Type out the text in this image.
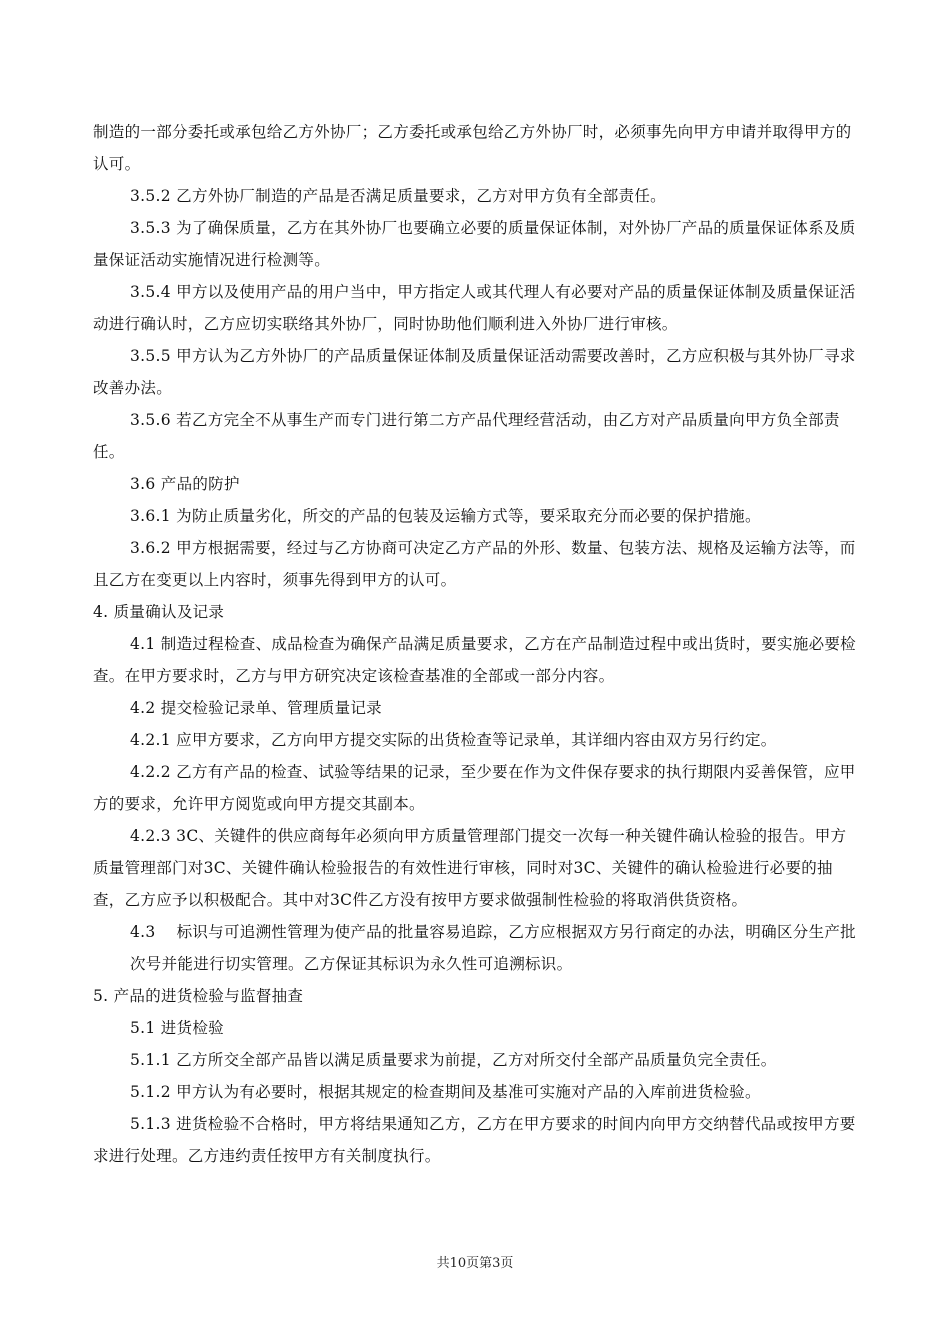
制造的一部分委托或承包给乙方外协厂；乙方委托或承包给乙方外协厂时，必须事先向甲方申请并取得甲方的认可。

3.5.2 乙方外协厂制造的产品是否满足质量要求，乙方对甲方负有全部责任。

3.5.3 为了确保质量，乙方在其外协厂也要确立必要的质量保证体制，对外协厂产品的质量保证体系及质量保证活动实施情况进行检测等。

3.5.4 甲方以及使用产品的用户当中，甲方指定人或其代理人有必要对产品的质量保证体制及质量保证活动进行确认时，乙方应切实联络其外协厂，同时协助他们顺利进入外协厂进行审核。

3.5.5 甲方认为乙方外协厂的产品质量保证体制及质量保证活动需要改善时，乙方应积极与其外协厂寻求改善办法。

3.5.6 若乙方完全不从事生产而专门进行第二方产品代理经营活动，由乙方对产品质量向甲方负全部责任。

3.6 产品的防护

3.6.1 为防止质量劣化，所交的产品的包装及运输方式等，要采取充分而必要的保护措施。

3.6.2 甲方根据需要，经过与乙方协商可决定乙方产品的外形、数量、包装方法、规格及运输方法等，而且乙方在变更以上内容时，须事先得到甲方的认可。

4. 质量确认及记录

4.1 制造过程检查、成品检查为确保产品满足质量要求，乙方在产品制造过程中或出货时，要实施必要检查。在甲方要求时，乙方与甲方研究决定该检查基准的全部或一部分内容。

4.2 提交检验记录单、管理质量记录

4.2.1 应甲方要求，乙方向甲方提交实际的出货检查等记录单，其详细内容由双方另行约定。

4.2.2 乙方有产品的检查、试验等结果的记录，至少要在作为文件保存要求的执行期限内妥善保管，应甲方的要求，允许甲方阅览或向甲方提交其副本。

4.2.3 3C、关键件的供应商每年必须向甲方质量管理部门提交一次每一种关键件确认检验的报告。甲方质量管理部门对3C、关键件确认检验报告的有效性进行审核，同时对3C、关键件的确认检验进行必要的抽查，乙方应予以积极配合。其中对3C件乙方没有按甲方要求做强制性检验的将取消供货资格。

4.3　 标识与可追溯性管理为使产品的批量容易追踪，乙方应根据双方另行商定的办法，明确区分生产批次号并能进行切实管理。乙方保证其标识为永久性可追溯标识。

5. 产品的进货检验与监督抽查

5.1 进货检验

5.1.1 乙方所交全部产品皆以满足质量要求为前提，乙方对所交付全部产品质量负完全责任。

5.1.2 甲方认为有必要时，根据其规定的检查期间及基准可实施对产品的入库前进货检验。

5.1.3 进货检验不合格时，甲方将结果通知乙方，乙方在甲方要求的时间内向甲方交纳替代品或按甲方要求进行处理。乙方违约责任按甲方有关制度执行。

共10页第3页
